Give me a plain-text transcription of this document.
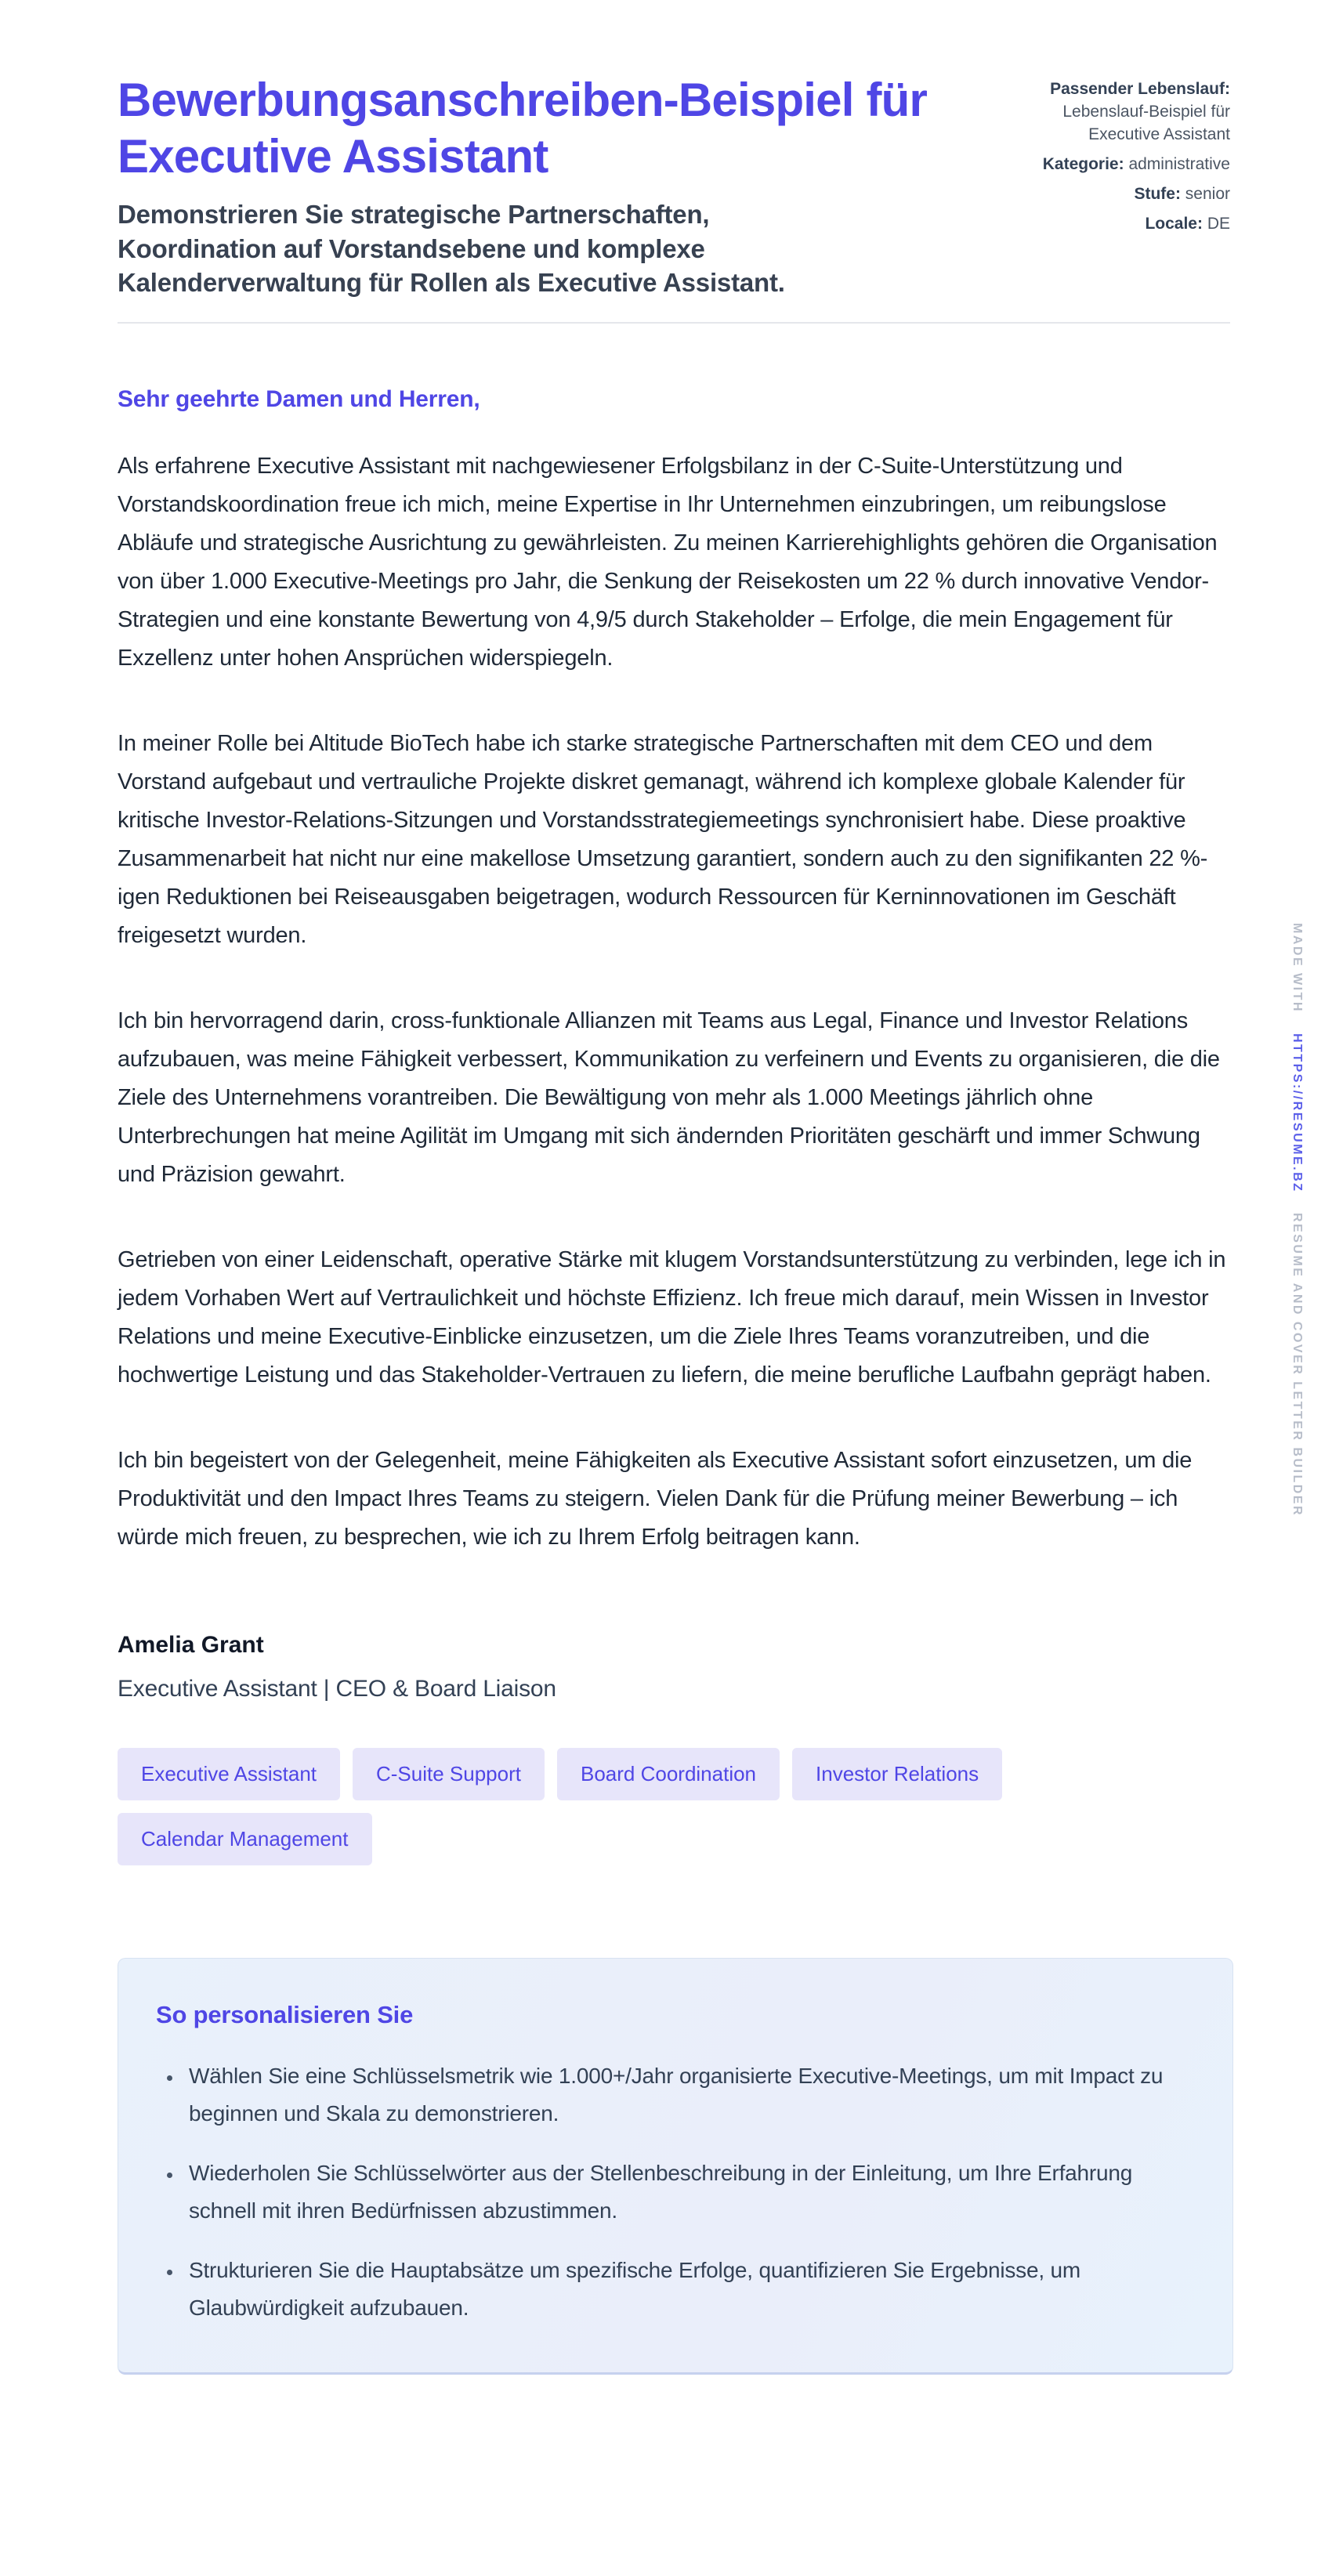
Bewerbungsanschreiben-Beispiel für Executive Assistant

Demonstrieren Sie strategische Partnerschaften, Koordination auf Vorstandsebene und komplexe Kalenderverwaltung für Rollen als Executive Assistant.

Passender Lebenslauf:
Lebenslauf-Beispiel für Executive Assistant
Kategorie: administrative
Stufe: senior
Locale: DE

Sehr geehrte Damen und Herren,

Als erfahrene Executive Assistant mit nachgewiesener Erfolgsbilanz in der C-Suite-Unterstützung und Vorstandskoordination freue ich mich, meine Expertise in Ihr Unternehmen einzubringen, um reibungslose Abläufe und strategische Ausrichtung zu gewährleisten. Zu meinen Karrierehighlights gehören die Organisation von über 1.000 Executive-Meetings pro Jahr, die Senkung der Reisekosten um 22 % durch innovative Vendor-Strategien und eine konstante Bewertung von 4,9/5 durch Stakeholder – Erfolge, die mein Engagement für Exzellenz unter hohen Ansprüchen widerspiegeln.

In meiner Rolle bei Altitude BioTech habe ich starke strategische Partnerschaften mit dem CEO und dem Vorstand aufgebaut und vertrauliche Projekte diskret gemanagt, während ich komplexe globale Kalender für kritische Investor-Relations-Sitzungen und Vorstandsstrategiemeetings synchronisiert habe. Diese proaktive Zusammenarbeit hat nicht nur eine makellose Umsetzung garantiert, sondern auch zu den signifikanten 22 %-igen Reduktionen bei Reiseausgaben beigetragen, wodurch Ressourcen für Kerninnovationen im Geschäft freigesetzt wurden.

Ich bin hervorragend darin, cross-funktionale Allianzen mit Teams aus Legal, Finance und Investor Relations aufzubauen, was meine Fähigkeit verbessert, Kommunikation zu verfeinern und Events zu organisieren, die die Ziele des Unternehmens vorantreiben. Die Bewältigung von mehr als 1.000 Meetings jährlich ohne Unterbrechungen hat meine Agilität im Umgang mit sich ändernden Prioritäten geschärft und immer Schwung und Präzision gewahrt.

Getrieben von einer Leidenschaft, operative Stärke mit klugem Vorstandsunterstützung zu verbinden, lege ich in jedem Vorhaben Wert auf Vertraulichkeit und höchste Effizienz. Ich freue mich darauf, mein Wissen in Investor Relations und meine Executive-Einblicke einzusetzen, um die Ziele Ihres Teams voranzutreiben, und die hochwertige Leistung und das Stakeholder-Vertrauen zu liefern, die meine berufliche Laufbahn geprägt haben.

Ich bin begeistert von der Gelegenheit, meine Fähigkeiten als Executive Assistant sofort einzusetzen, um die Produktivität und den Impact Ihres Teams zu steigern. Vielen Dank für die Prüfung meiner Bewerbung – ich würde mich freuen, zu besprechen, wie ich zu Ihrem Erfolg beitragen kann.

Amelia Grant

Executive Assistant | CEO & Board Liaison

Executive Assistant	C-Suite Support	Board Coordination	Investor Relations
Calendar Management
So personalisieren Sie
• Wählen Sie eine Schlüsselsmetrik wie 1.000+/Jahr organisierte Executive-Meetings, um mit Impact zu beginnen und Skala zu demonstrieren.
• Wiederholen Sie Schlüsselwörter aus der Stellenbeschreibung in der Einleitung, um Ihre Erfahrung schnell mit ihren Bedürfnissen abzustimmen.
• Strukturieren Sie die Hauptabsätze um spezifische Erfolge, quantifizieren Sie Ergebnisse, um Glaubwürdigkeit aufzubauen.
MADE WITH
HTTPS://RESUME.BZ
RESUME AND COVER LETTER BUILDER
